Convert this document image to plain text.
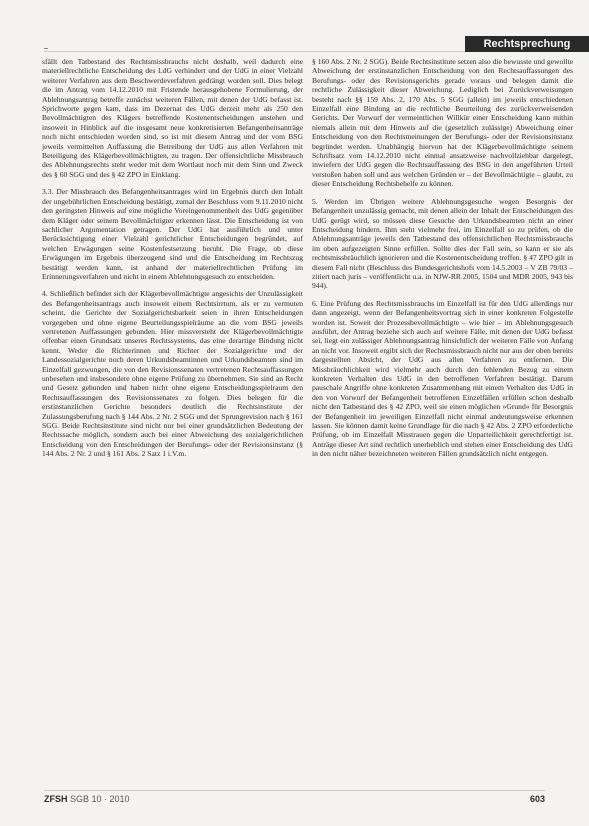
Rechtsprechung

sfällt den Tatbestand des Rechtsmissbrauchs nicht deshalb, weil dadurch eine materiellrechtliche Entscheidung des LdG verhindert und der UdG in einer Vielzahl weiterer Verfahren aus dem Beschwerdeverfahren gedrängt worden soll. Dies belegt die im Antrag vom 14.12.2010 mit Fristende herausgehobene Formulierung, der Ablehnungsantrag betreffe zunächst weiteren Fällen, mit denen der UdG befasst ist. Sprichworte gegen kam, dass im Dezernat des UdG derzeit mehr als 250 den Bevollmächtigten des Klägers betreffende Kostenentscheidungen anstehen und insoweit in Hinblick auf die insgesamt neue konkretisierten Befangenheitsanträge noch nicht entschieden worden sind, so ist mit diesem Antrag und der vom BSG jeweils vermittelten Auffassung die Betreibung der UdG aus allen Verfahren mit Beteiligung des Klägerbevollmächtigten, zu tragen. Der offensichtliche Missbrauch des Ablehnungsrechts steht weder mit dem Wortlaut noch mit dem Sinn und Zweck des § 60 SGG und des § 42 ZPO in Einklang.

3.3. Der Missbrauch des Befangenheitsantrages wird im Ergebnis durch den Inhalt der ungebührlichen Entscheidung bestätigt, zumal der Beschluss vom 9.11.2010 nicht den geringsten Hinweis auf eine mögliche Voreingenommenheit des UdG gegenüber dem Kläger oder seinem Bevollmächtigter erkennen lässt. Die Entscheidung ist von sachlicher Argumentation getragen. Der UdG hat ausführlich und unter Berücksichtigung einer Vielzahl gerichtlicher Entscheidungen begründet, auf welchen Erwägungen seine Kostenfestsetzung beruht. Die Frage, ob diese Erwägungen im Ergebnis überzeugend sind und die Entscheidung im Rechtszug bestätigt werden kann, ist anhand der materiellrechtlichen Prüfung im Erinnerungsverfahren und nicht in einem Ablehnungsgesuch zu entscheiden.

4. Schließlich befindet sich der Klägerbevollmächtigte angesichts der Unzulässigkeit des Befangenheitsantrags auch insoweit einem Rechtsirrtum, als er zu vermuten scheint, die Gerichte der Sozialgerichtsbarkeit seien in ihren Entscheidungen vorgegeben und ohne eigene Beurteilungsspielräume an die vom BSG jeweils vertretenen Auffassungen gebunden. Hier missversteht der Klägerbevollmächtigte offenbar einen Grundsatz unseres Rechtssystems, das eine derartige Bindung nicht kennt. Weder die Richterinnen und Richter der Sozialgerichte und der Landessozialgerichte noch deren Urkundsbeamtinnen und Urkundsbeamten sind im Einzelfall gezwungen, die von den Revisionssenaten vertretenen Rechtsauffassungen unbesehen und insbesondere ohne eigene Prüfung zu übernehmen. Sie sind an Recht und Gesetz gebunden und haben nicht ohne eigene Entscheidungsspielraum den Rechtsauffassungen des Revisionssenates zu folgen. Dies belegen für die erstinstanzlichen Gerichte besonders deutlich die Rechtsinstitute der Zulassungsberufung nach § 144 Abs. 2 Nr. 2 SGG und der Sprungrevision nach § 161 SGG. Beide Rechtsinstitute sind nicht nur bei einer grundsätzlichen Bedeutung der Rechtssache möglich, sondern auch bei einer Abweichung des sozialgerichtlichen Entscheidung von den Entscheidungen der Berufungs- oder der Revisionsinstanz (§ 144 Abs. 2 Nr. 2 und § 161 Abs. 2 Satz 1 i.V.m.

§ 160 Abs. 2 Nr. 2 SGG). Beide Rechtsinstitute setzen also die bewusste und gewollte Abweichung der erstinstanzlichen Entscheidung von den Rechtsauffassungen des Berufungs- oder des Revisionsgerichts gerade voraus und belegen damit die rechtliche Zulässigkeit dieser Abweichung. Lediglich bei Zurückverweisungen besteht nach §§ 159 Abs. 2, 170 Abs. 5 SGG (allein) im jeweils entschiedenen Einzelfall eine Bindung an die rechtliche Beurteilung des zurückverweisenden Gerichts. Der Vorwurf der vermeintlichen Willkür einer Entscheidung kann mithin niemals allein mit dem Hinweis auf die (gesetzlich zulässige) Abweichung einer Entscheidung von den Rechtsmeinungen der Berufungs- oder der Revisionsinstanz begründet werden. Unabhängig hiervon hat der Klägerbevollmächtigte seinem Schriftsatz vom 14.12.2010 nicht einmal ansatzweise nachvollziehbar dargelegt, inwiefern der UdG gegen die Rechtsauffassung des BSG in den angeführten Urteil verstoßen haben soll und aus welchen Gründen er – der Bevollmächtigte – glaubt, zu dieser Entscheidung Rechtsbehelfe zu können.

5. Werden im Übrigen weitere Ablehnungsgesuche wegen Besorgnis der Befangenheit unzulässig gemacht, mit denen allein der Inhalt der Entscheidungen des UdG gerügt wird, so müssen diese Gesuche den Urkundsbeamten nicht an einer Entscheidung hindern. Ihm steht vielmehr frei, im Einzelfall so zu prüfen, ob die Ablehnungsanträge jeweils den Tatbestand des offensichtlichen Rechtsmissbrauchs im oben aufgezeigten Sinne erfüllen. Sollte dies der Fall sein, so kann er sie als rechtsmissbräuchlich ignorieren und die Kostenentscheidung treffen. § 47 ZPO gilt in diesem Fall nicht (Beschluss des Bundesgerichtshofs vom 14.5.2003 – V ZB 79/03 – zitiert nach juris – veröffentlicht u.a. in NJW-RR 2005, 1504 und MDR 2005, 943 bis 944).

6. Eine Prüfung des Rechtsmissbrauchs im Einzelfall ist für den UdG allerdings nur dann angezeigt, wenn der Befangenheitsvortrag sich in einer konkreten Folgestelle worden ist. Soweit der Prozessbevollmächtigte – wie hier – im Ablehnungsgesuch ausführt, der Antrag beziehe sich auch auf weitere Fälle, mit denen der UdG befasst sei, liegt ein zulässiger Ablehnungsantrag hinsichtlich der weiteren Fälle von Anfang an nicht vor. Insoweit ergibt sich der Rechtsmissbrauch nicht nur aus der oben bereits dargestellten Absicht, der UdG aus allen Verfahren zu entfernen. Die Missbräuchlichkeit wird vielmehr auch durch den fehlenden Bezug zu einem konkreten Verhalten des UdG in den betroffenen Verfahren bestätigt. Darum pauschale Angriffe ohne konkreten Zusammenhang mit einem Verhalten des UdG in den von Vorwurf der Befangenheit betroffenen Einzelfällen erfüllen schon deshalb nicht den Tatbestand des § 42 ZPO, weil sie einen möglichen »Grund« für Besorgnis der Befangenheit im jeweiligen Einzelfall nicht einmal andeutungsweise erkennen lassen. Sie können damit keine Grundlage für die nach § 42 Abs. 2 ZPO erforderliche Prüfung, ob im Einzelfall Misstrauen gegen die Unparteilichkeit gerechtfertigt ist. Anträge dieser Art sind rechtlich unerheblich und stehen einer Entscheidung des UdG in den nicht näher bezeichneten weiteren Fällen grundsätzlich nicht entgegen.

ZFSH SGB 10 · 2010	603
